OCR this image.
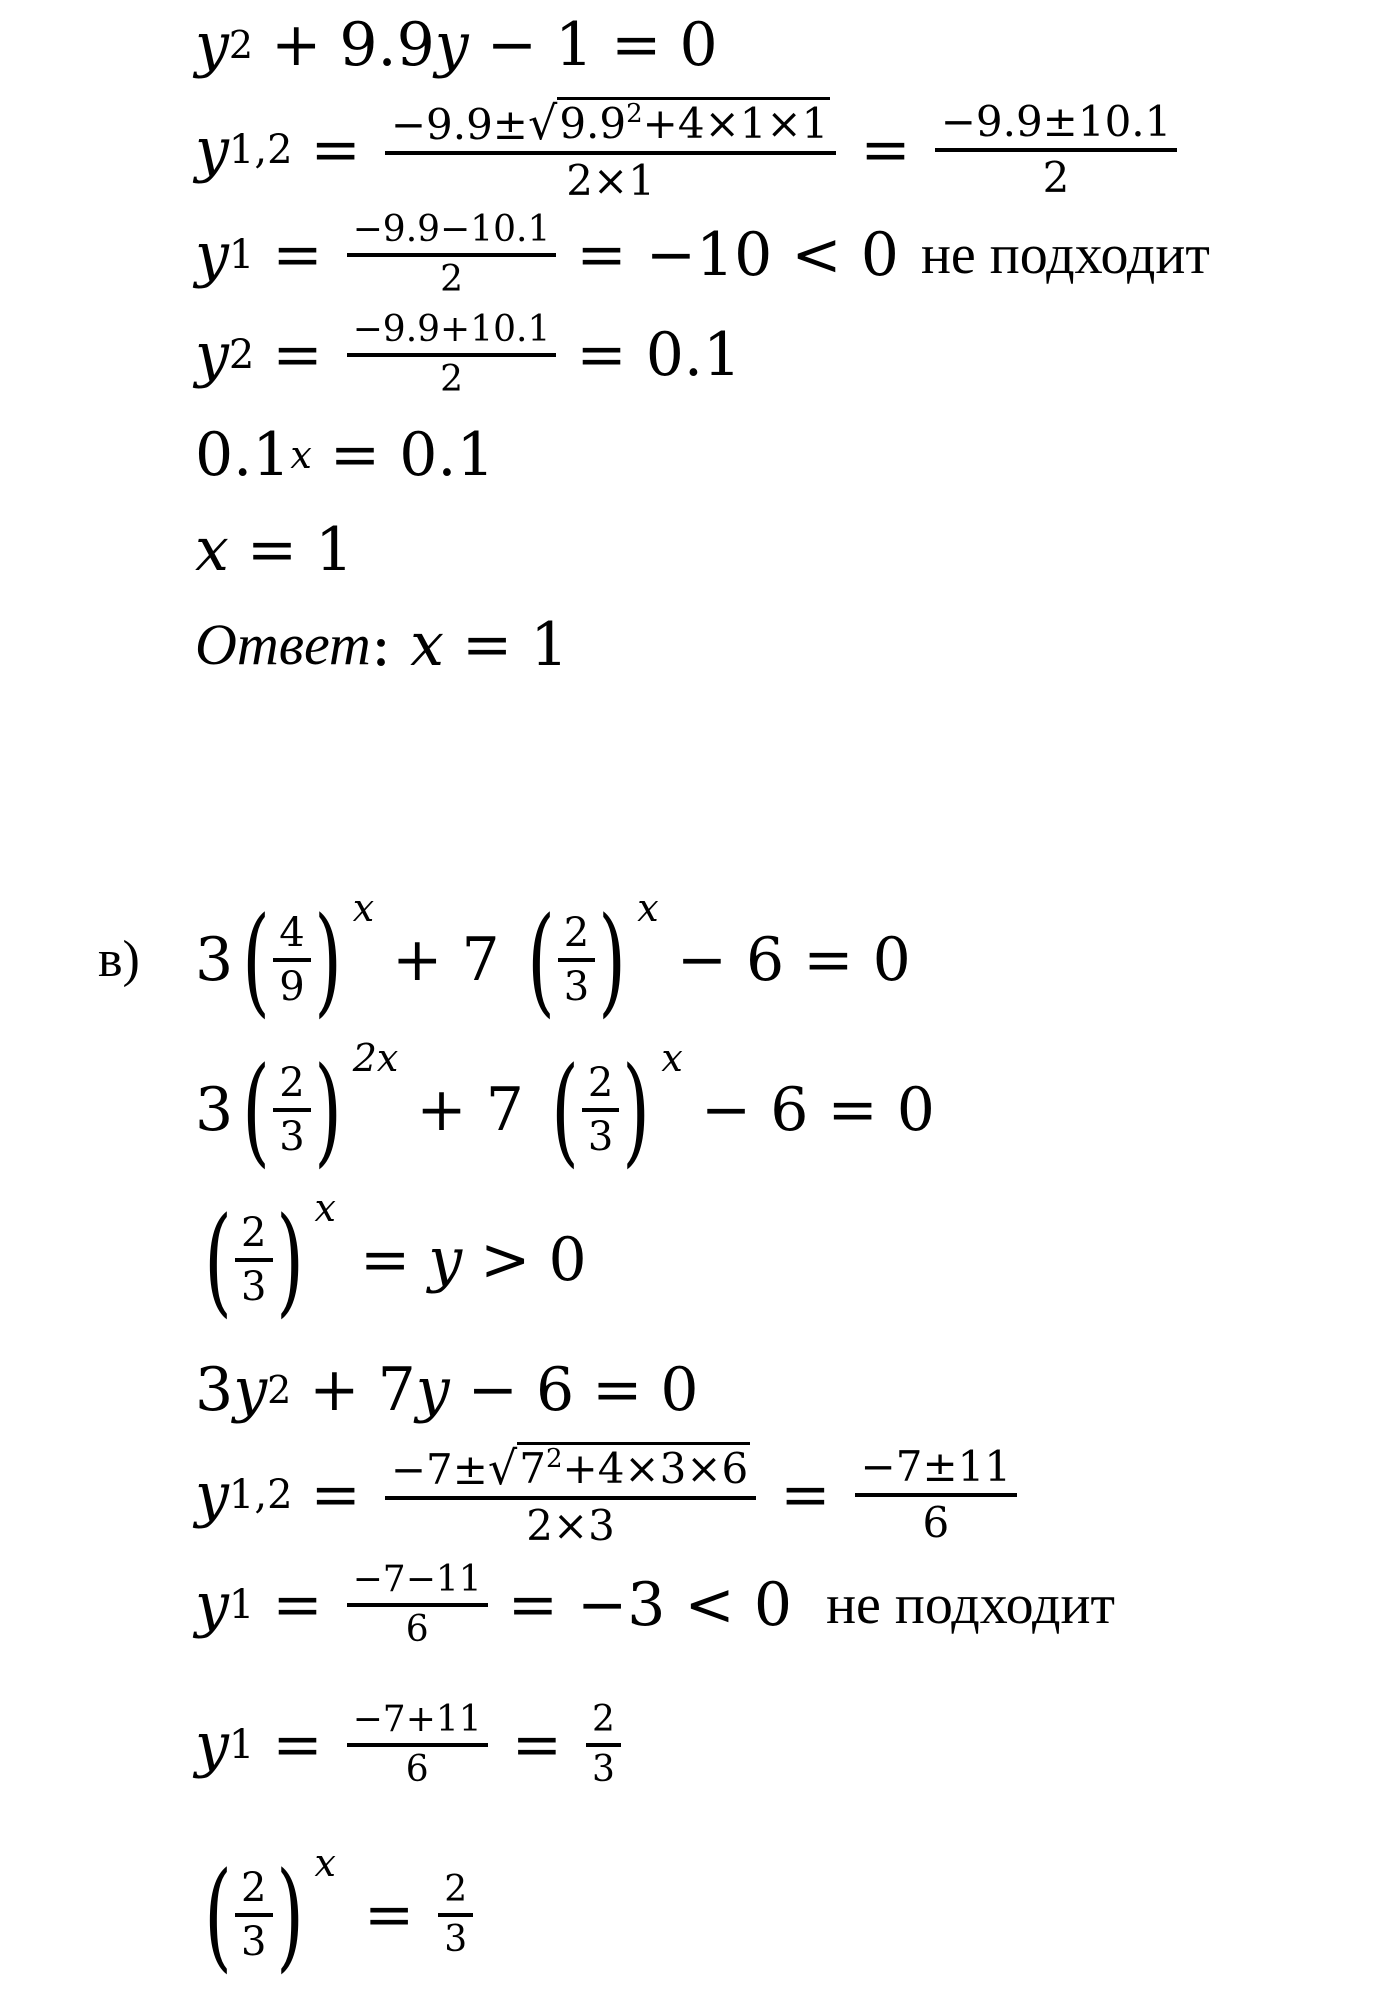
y 2 + 9.9 y − 1 = 0
y $1,2 = \frac{-9.9\pm √ 9.9^2+4\times 1\times 1}{2\times 1} = \frac{-9.9\pm 10.1}{2}$
y $1 = \frac{-9.9-10.1}{2} = -10 < 0$ не подходит
y $2 = \frac{-9.9+10.1}{2} = 0.1$
0.1 x = 0.1
x = 1
Ответ : x = 1
в) 3 ( $\frac{4}{9}$ ) x
+ 7 ( $\frac{2}{3}$ ) x
− 6 = 0
3 ( $\frac{2}{3}$ ) 2x
+ 7 ( $\frac{2}{3}$ ) x
− 6 = 0
( $\frac{2}{3}$ ) x
= y > 0
3 y 2 + 7 y − 6 = 0
y $1,2 = \frac{-7\pm √ 7^2+4\times 3\times 6}{2\times 3} = \frac{-7\pm 11}{6}$
y $1 = \frac{-7-11}{6} = -3 < 0$ не подходит
y $1 = \frac{-7+11}{6} = \frac{2}{3}$
( $\frac{2}{3}$ ) x
= $\frac{2}{3}$
